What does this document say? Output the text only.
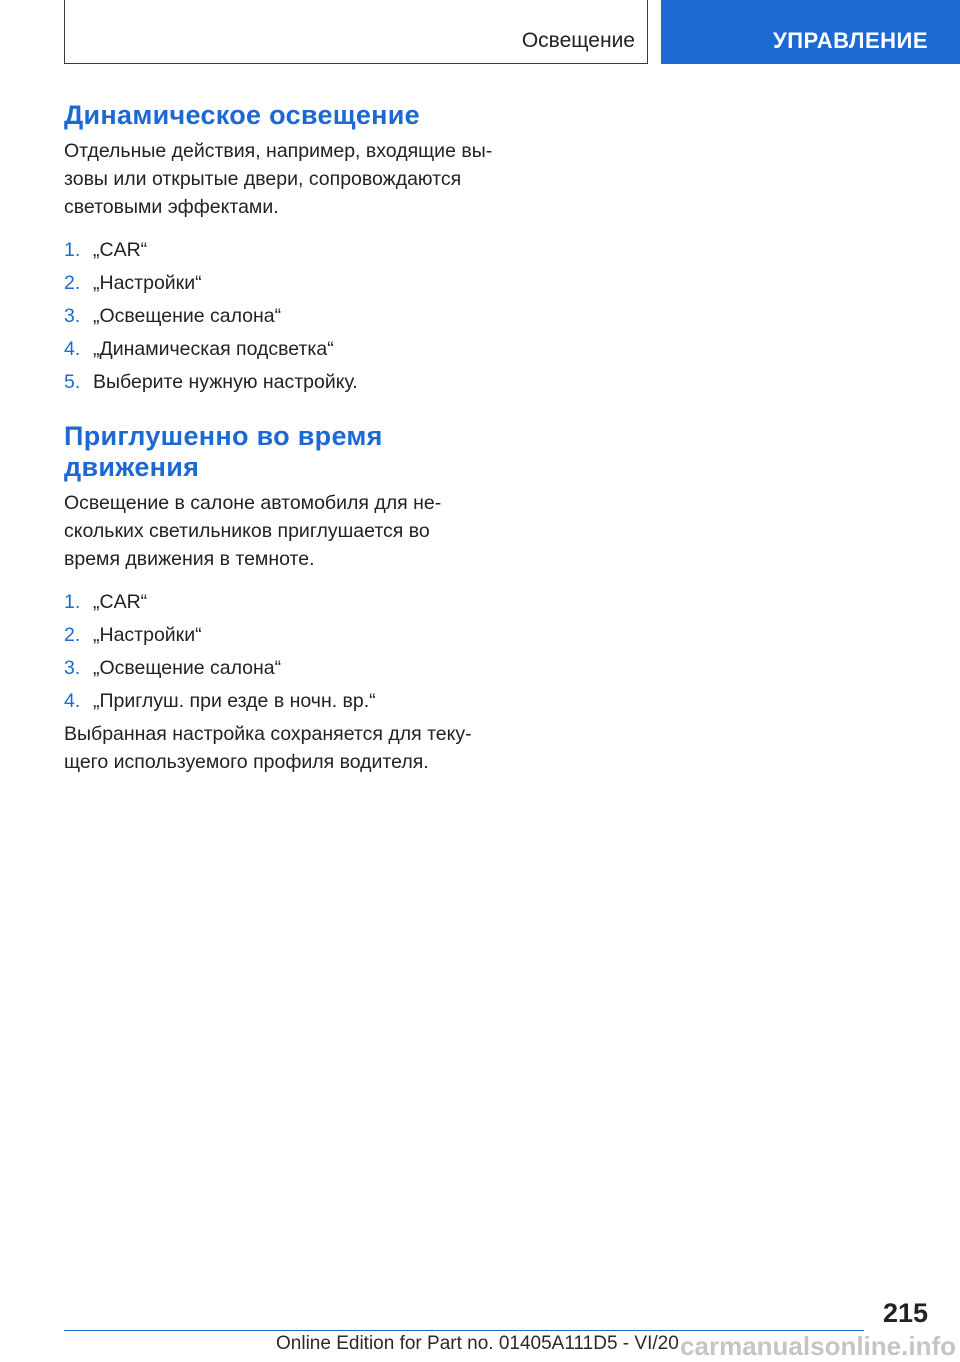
Освещение	УПРАВЛЕНИЕ
Динамическое освещение

Отдельные действия, например, входящие вы-
зовы или открытые двери, сопровождаются
световыми эффектами.

1. „CAR“
2. „Настройки“
3. „Освещение салона“
4. „Динамическая подсветка“
5. Выберите нужную настройку.
Приглушенно во время
движения

Освещение в салоне автомобиля для не-
скольких светильников приглушается во
время движения в темноте.

1. „CAR“
2. „Настройки“
3. „Освещение салона“
4. „Приглуш. при езде в ночн. вр.“

Выбранная настройка сохраняется для теку-
щего используемого профиля водителя.

215
Online Edition for Part no. 01405A111D5 - VI/20 carmanualsonline.info
